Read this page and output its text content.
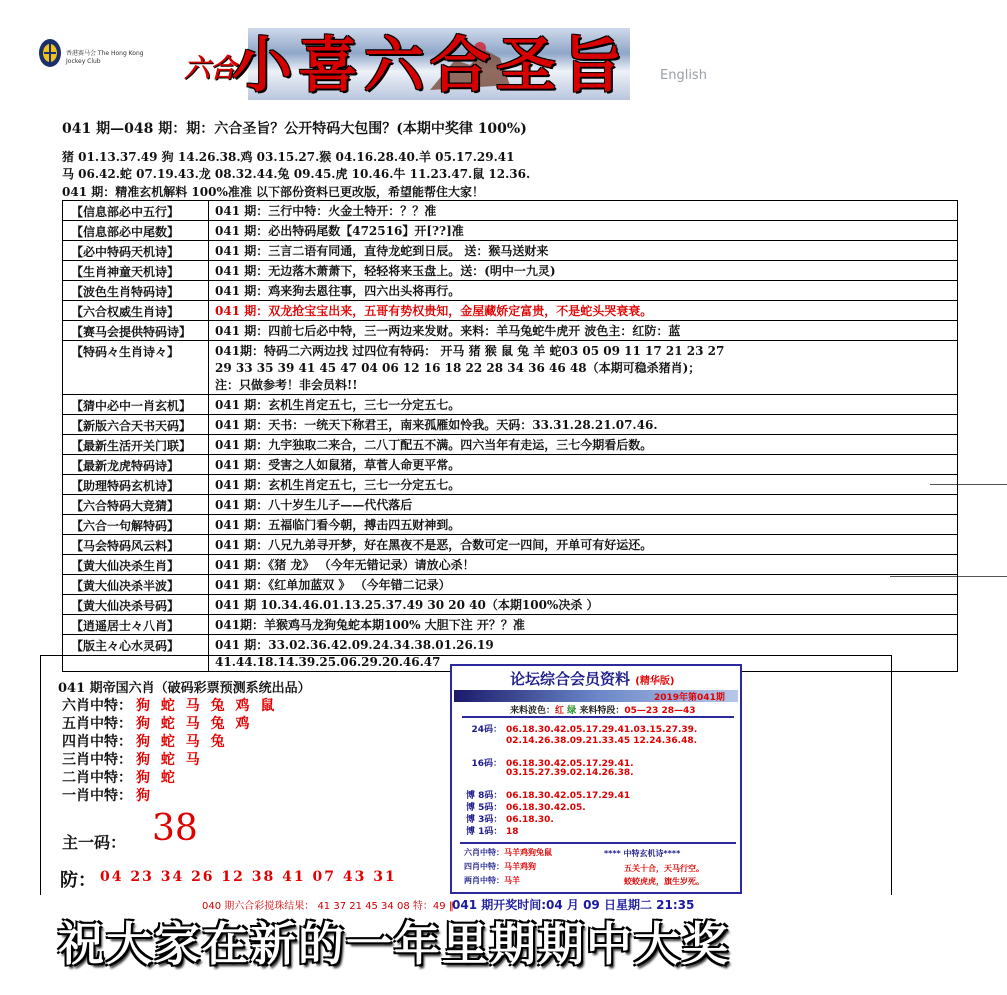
香港赛马会 The Hong Kong Jockey Club	六合
小喜六合圣旨 English
041 期—048 期：期：六合圣旨？公开特码大包围？(本期中奖律 100%)
猪 01.13.37.49 狗 14.26.38.鸡 03.15.27.猴 04.16.28.40.羊 05.17.29.41
马 06.42.蛇 07.19.43.龙 08.32.44.兔 09.45.虎 10.46.牛 11.23.47.鼠 12.36.
041 期：精准玄机解料 100%准准 以下部份资料已更改版，希望能帮住大家！
【信息部必中五行】	041 期：三行中特：火金土特开：？？准

【信息部必中尾数】	041 期：必出特码尾数【472516】开[??]准

【必中特码天机诗】	041 期：三言二语有同通，直待龙蛇到日辰。 送：猴马送财来

【生肖神童天机诗】	041 期：无边落木萧萧下，轻轻将来玉盘上。送：(明中一九灵)

【波色生肖特码诗】	041 期：鸡来狗去恩往事，四六出头将再行。

【六合权威生肖诗】	041 期：双龙抢宝宝出来，五哥有势权贵知，金屋藏娇定富贵，不是蛇头哭衰衰。

【赛马会提供特码诗】	041 期：四前七后必中特，三一两边来发财。来料：羊马兔蛇牛虎开 波色主：红防：蓝

【特码々生肖诗々】	041期：特码二六两边找 过四位有特码： 开马 猪 猴 鼠 兔 羊 蛇03 05 09 11 17 21 23 27

29 33 35 39 41 45 47 04 06 12 16 18 22 28 34 36 46 48（本期可稳杀猪肖)；

注：只做参考！非会员料!!

【猜中必中一肖玄机】	041 期：玄机生肖定五七，三七一分定五七。

【新版六合天书天码】	041 期：天书：一统天下称君王，南来孤雁如怜我。天码：33.31.28.21.07.46.

【最新生活开关门联】	041 期：九宇独取二来合，二八丁配五不满。四六当年有走运，三七今期看后数。

【最新龙虎特码诗】	041 期：受害之人如鼠猪，草菅人命更平常。

【助理特码玄机诗】	041 期：玄机生肖定五七，三七一分定五七。

【六合特码大竞猜】	041 期：八十岁生儿子——代代落后

【六合一句解特码】	041 期：五福临门看今朝，搏击四五财神到。

【马会特码风云料】	041 期：八兄九弟寻开梦，好在黑夜不是恶，合数可定一四间，开单可有好运还。

【黄大仙决杀生肖】	041 期：《猪 龙》 （今年无错记录）请放心杀！

【黄大仙决杀半波】	041 期：《红单加蓝双 》 （今年错二记录）

【黄大仙决杀号码】	041 期 10.34.46.01.13.25.37.49 30 20 40（本期100%决杀 ）

【逍遥居士々八肖】	041期：羊猴鸡马龙狗兔蛇本期100% 大胆下注 开？？准

【版主々心水灵码】	041 期：33.02.36.42.09.24.34.38.01.26.19

41.44.18.14.39.25.06.29.20.46.47

041 期帝国六肖（破码彩票预测系统出品）
六肖中特： 狗 蛇 马 兔 鸡 鼠
五肖中特： 狗 蛇 马 兔 鸡
四肖中特： 狗 蛇 马 兔
三肖中特： 狗 蛇 马
二肖中特： 狗 蛇
一肖中特： 狗
主一码： 38
防： 04 23 34 26 12 38 41 07 43 31
论坛综合会员资料 (精华版)
2019年第041期
来料波色：红 绿 来料特段：05—23 28—43
24码： 06.18.30.42.05.17.29.41.03.15.27.39.
02.14.26.38.09.21.33.45 12.24.36.48.
16码： 06.18.30.42.05.17.29.41.
03.15.27.39.02.14.26.38.
博 8码： 06.18.30.42.05.17.29.41
博 5码： 06.18.30.42.05.
博 3码： 06.18.30.
博 1码： 18
六肖中特：马羊鸡狗兔鼠
四肖中特：马羊鸡狗
两肖中特：马羊
**** 中特玄机诗****
五关十合，天马行空。
蛟蛟虎虎，旗生岁死。
040 期六合彩搅珠结果： 41 37 21 45 34 08 特：49 ‖
041 期开奖时间:04 月 09 日星期二 21:35
祝大家在新的一年里期期中大奖
